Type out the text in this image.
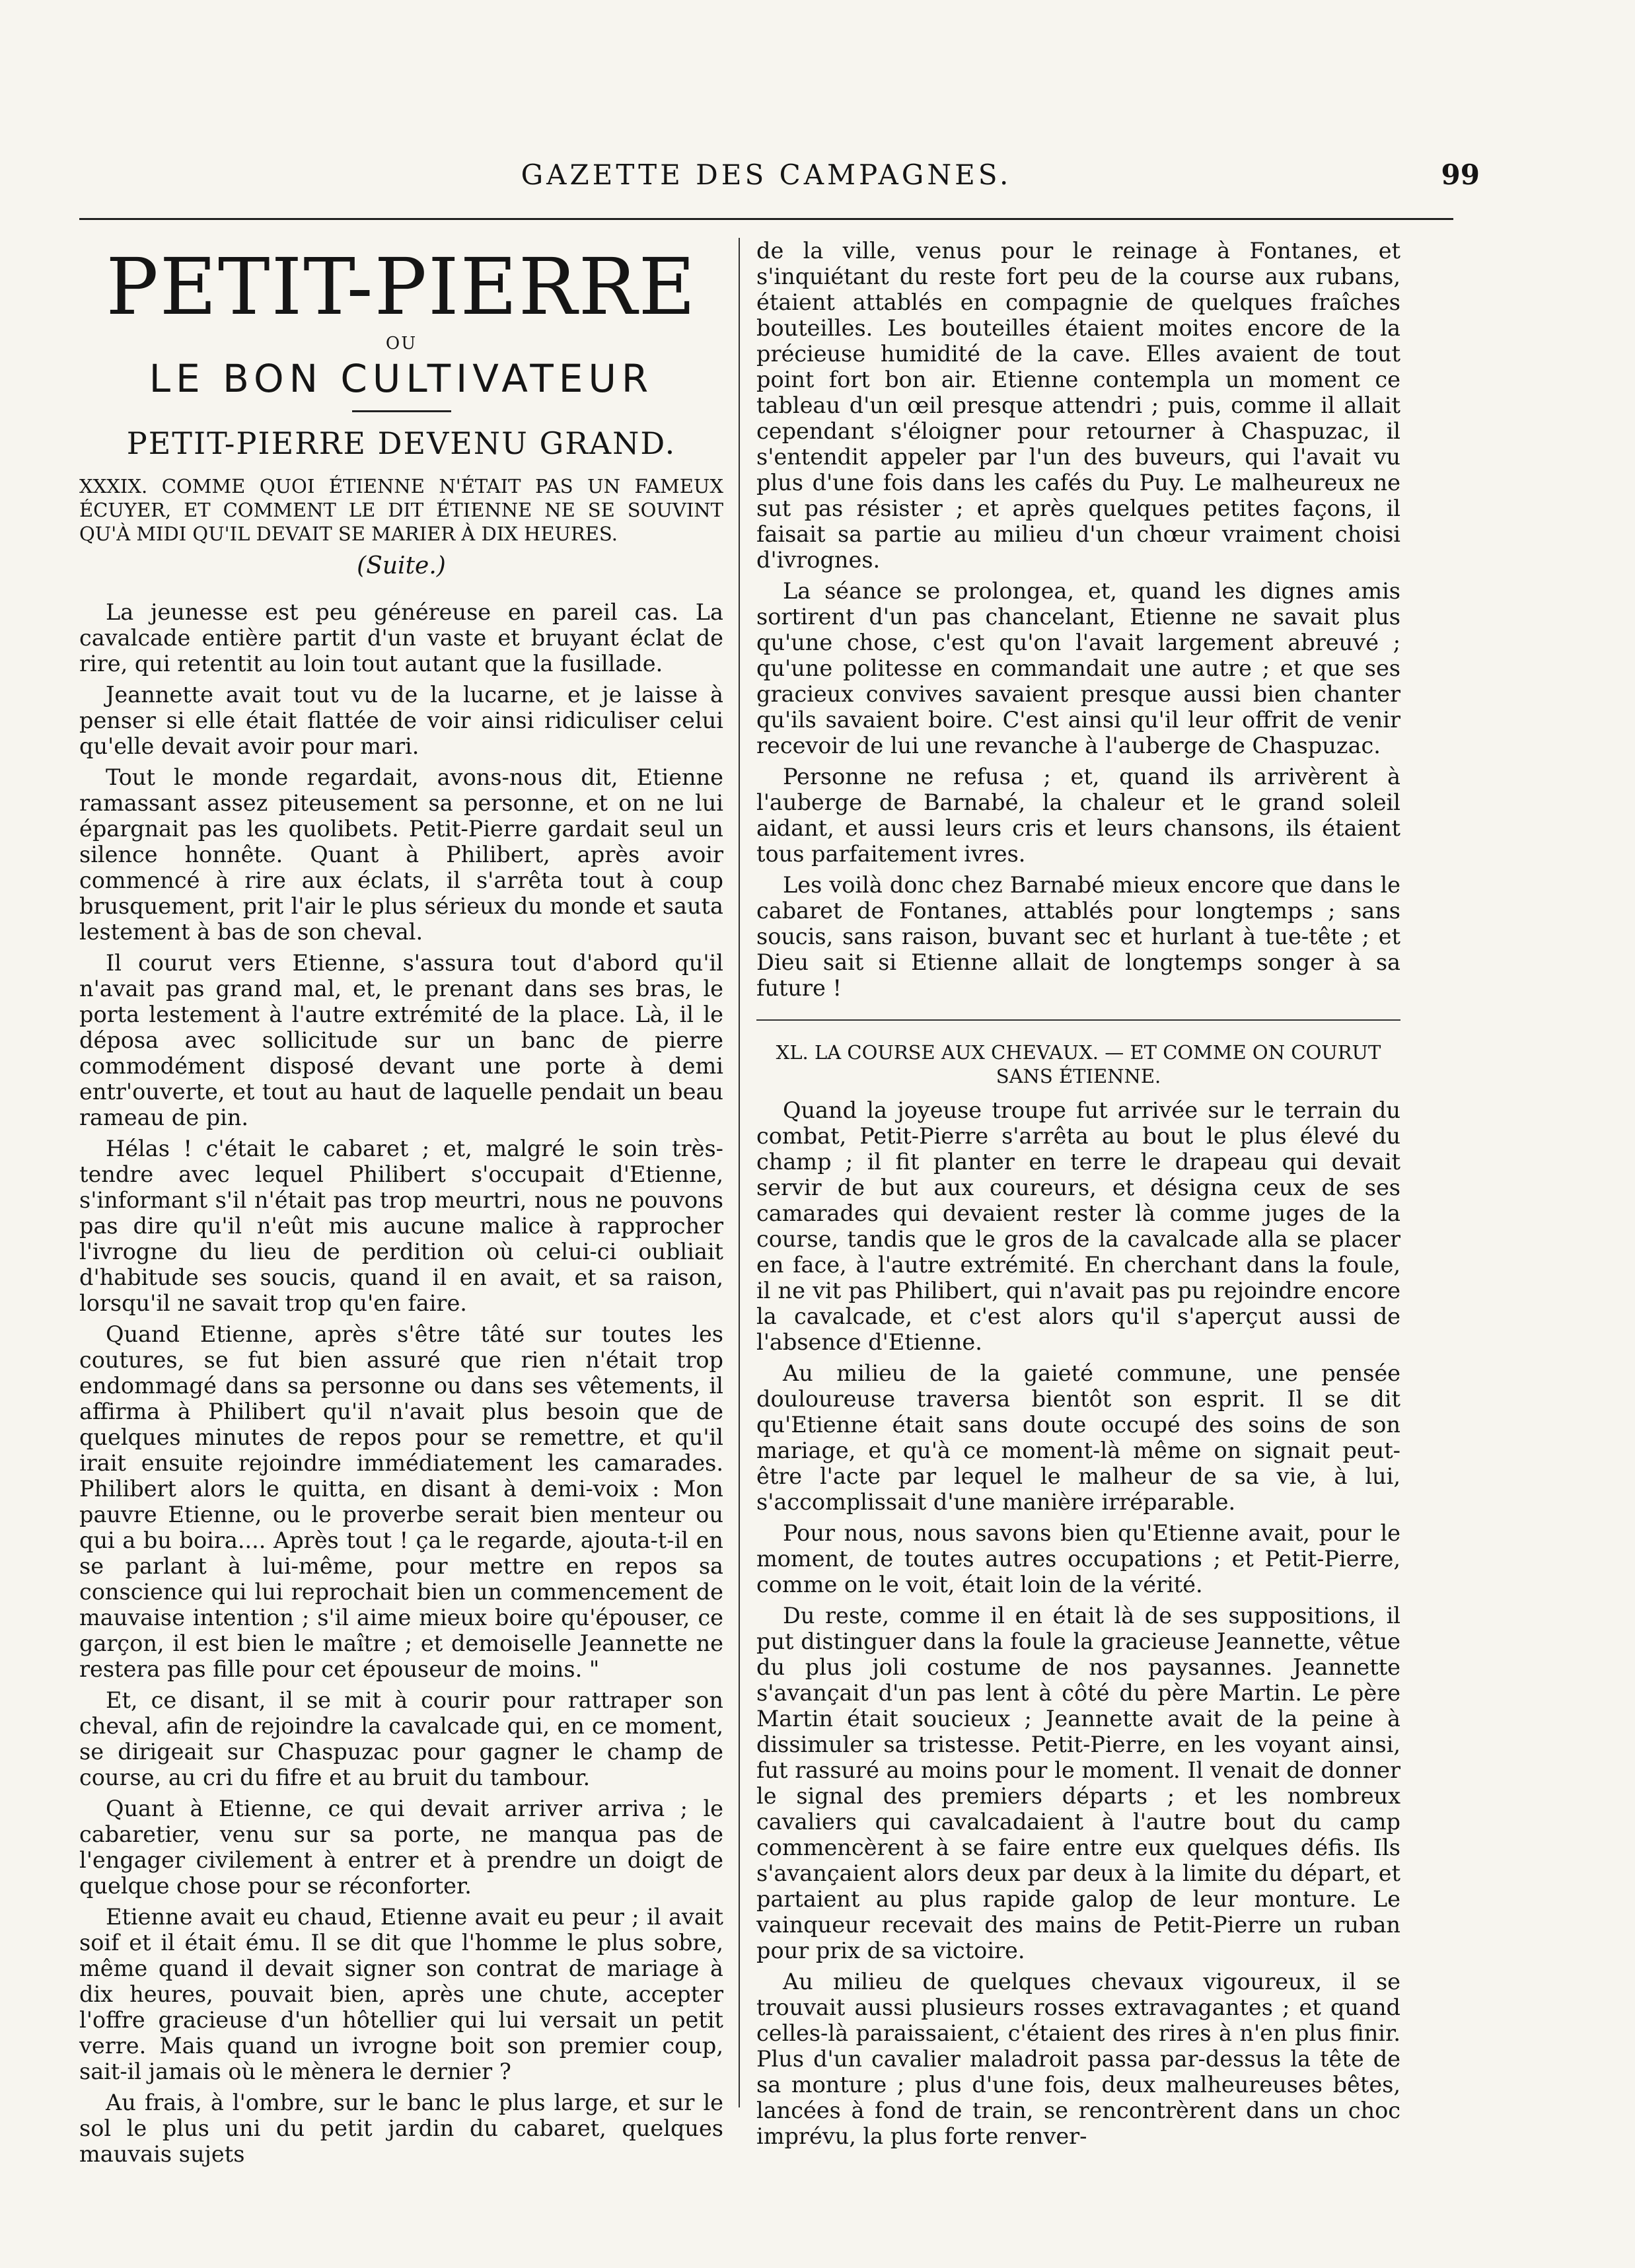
GAZETTE DES CAMPAGNES.	99
PETIT-PIERRE
OU
LE BON CULTIVATEUR
PETIT-PIERRE DEVENU GRAND.
XXXIX. COMME QUOI ÉTIENNE N'ÉTAIT PAS UN FAMEUX ÉCUYER, ET COMMENT LE DIT ÉTIENNE NE SE SOUVINT QU'À MIDI QU'IL DEVAIT SE MARIER À DIX HEURES.
(Suite.)

La jeunesse est peu généreuse en pareil cas. La cavalcade entière partit d'un vaste et bruyant éclat de rire, qui retentit au loin tout autant que la fusillade.

Jeannette avait tout vu de la lucarne, et je laisse à penser si elle était flattée de voir ainsi ridiculiser celui qu'elle devait avoir pour mari.

Tout le monde regardait, avons-nous dit, Etienne ramassant assez piteusement sa personne, et on ne lui épargnait pas les quolibets. Petit-Pierre gardait seul un silence honnête. Quant à Philibert, après avoir commencé à rire aux éclats, il s'arrêta tout à coup brusquement, prit l'air le plus sérieux du monde et sauta lestement à bas de son cheval.

Il courut vers Etienne, s'assura tout d'abord qu'il n'avait pas grand mal, et, le prenant dans ses bras, le porta lestement à l'autre extrémité de la place. Là, il le déposa avec sollicitude sur un banc de pierre commodément disposé devant une porte à demi entr'ouverte, et tout au haut de laquelle pendait un beau rameau de pin.

Hélas ! c'était le cabaret ; et, malgré le soin très-tendre avec lequel Philibert s'occupait d'Etienne, s'informant s'il n'était pas trop meurtri, nous ne pouvons pas dire qu'il n'eût mis aucune malice à rapprocher l'ivrogne du lieu de perdition où celui-ci oubliait d'habitude ses soucis, quand il en avait, et sa raison, lorsqu'il ne savait trop qu'en faire.

Quand Etienne, après s'être tâté sur toutes les coutures, se fut bien assuré que rien n'était trop endommagé dans sa personne ou dans ses vêtements, il affirma à Philibert qu'il n'avait plus besoin que de quelques minutes de repos pour se remettre, et qu'il irait ensuite rejoindre immédiatement les camarades. Philibert alors le quitta, en disant à demi-voix : Mon pauvre Etienne, ou le proverbe serait bien menteur ou qui a bu boira.... Après tout ! ça le regarde, ajouta-t-il en se parlant à lui-même, pour mettre en repos sa conscience qui lui reprochait bien un commencement de mauvaise intention ; s'il aime mieux boire qu'épouser, ce garçon, il est bien le maître ; et demoiselle Jeannette ne restera pas fille pour cet épouseur de moins. "

Et, ce disant, il se mit à courir pour rattraper son cheval, afin de rejoindre la cavalcade qui, en ce moment, se dirigeait sur Chaspuzac pour gagner le champ de course, au cri du fifre et au bruit du tambour.

Quant à Etienne, ce qui devait arriver arriva ; le cabaretier, venu sur sa porte, ne manqua pas de l'engager civilement à entrer et à prendre un doigt de quelque chose pour se réconforter.

Etienne avait eu chaud, Etienne avait eu peur ; il avait soif et il était ému. Il se dit que l'homme le plus sobre, même quand il devait signer son contrat de mariage à dix heures, pouvait bien, après une chute, accepter l'offre gracieuse d'un hôtellier qui lui versait un petit verre. Mais quand un ivrogne boit son premier coup, sait-il jamais où le mènera le dernier ?

Au frais, à l'ombre, sur le banc le plus large, et sur le sol le plus uni du petit jardin du cabaret, quelques mauvais sujets

de la ville, venus pour le reinage à Fontanes, et s'inquiétant du reste fort peu de la course aux rubans, étaient attablés en compagnie de quelques fraîches bouteilles. Les bouteilles étaient moites encore de la précieuse humidité de la cave. Elles avaient de tout point fort bon air. Etienne contempla un moment ce tableau d'un œil presque attendri ; puis, comme il allait cependant s'éloigner pour retourner à Chaspuzac, il s'entendit appeler par l'un des buveurs, qui l'avait vu plus d'une fois dans les cafés du Puy. Le malheureux ne sut pas résister ; et après quelques petites façons, il faisait sa partie au milieu d'un chœur vraiment choisi d'ivrognes.

La séance se prolongea, et, quand les dignes amis sortirent d'un pas chancelant, Etienne ne savait plus qu'une chose, c'est qu'on l'avait largement abreuvé ; qu'une politesse en commandait une autre ; et que ses gracieux convives savaient presque aussi bien chanter qu'ils savaient boire. C'est ainsi qu'il leur offrit de venir recevoir de lui une revanche à l'auberge de Chaspuzac.

Personne ne refusa ; et, quand ils arrivèrent à l'auberge de Barnabé, la chaleur et le grand soleil aidant, et aussi leurs cris et leurs chansons, ils étaient tous parfaitement ivres.

Les voilà donc chez Barnabé mieux encore que dans le cabaret de Fontanes, attablés pour longtemps ; sans soucis, sans raison, buvant sec et hurlant à tue-tête ; et Dieu sait si Etienne allait de longtemps songer à sa future !

XL. LA COURSE AUX CHEVAUX. — ET COMME ON COURUT SANS ÉTIENNE.

Quand la joyeuse troupe fut arrivée sur le terrain du combat, Petit-Pierre s'arrêta au bout le plus élevé du champ ; il fit planter en terre le drapeau qui devait servir de but aux coureurs, et désigna ceux de ses camarades qui devaient rester là comme juges de la course, tandis que le gros de la cavalcade alla se placer en face, à l'autre extrémité. En cherchant dans la foule, il ne vit pas Philibert, qui n'avait pas pu rejoindre encore la cavalcade, et c'est alors qu'il s'aperçut aussi de l'absence d'Etienne.

Au milieu de la gaieté commune, une pensée douloureuse traversa bientôt son esprit. Il se dit qu'Etienne était sans doute occupé des soins de son mariage, et qu'à ce moment-là même on signait peut-être l'acte par lequel le malheur de sa vie, à lui, s'accomplissait d'une manière irréparable.

Pour nous, nous savons bien qu'Etienne avait, pour le moment, de toutes autres occupations ; et Petit-Pierre, comme on le voit, était loin de la vérité.

Du reste, comme il en était là de ses suppositions, il put distinguer dans la foule la gracieuse Jeannette, vêtue du plus joli costume de nos paysannes. Jeannette s'avançait d'un pas lent à côté du père Martin. Le père Martin était soucieux ; Jeannette avait de la peine à dissimuler sa tristesse. Petit-Pierre, en les voyant ainsi, fut rassuré au moins pour le moment. Il venait de donner le signal des premiers départs ; et les nombreux cavaliers qui cavalcadaient à l'autre bout du camp commencèrent à se faire entre eux quelques défis. Ils s'avançaient alors deux par deux à la limite du départ, et partaient au plus rapide galop de leur monture. Le vainqueur recevait des mains de Petit-Pierre un ruban pour prix de sa victoire.

Au milieu de quelques chevaux vigoureux, il se trouvait aussi plusieurs rosses extravagantes ; et quand celles-là paraissaient, c'étaient des rires à n'en plus finir. Plus d'un cavalier maladroit passa par-dessus la tête de sa monture ; plus d'une fois, deux malheureuses bêtes, lancées à fond de train, se rencontrèrent dans un choc imprévu, la plus forte renver-
